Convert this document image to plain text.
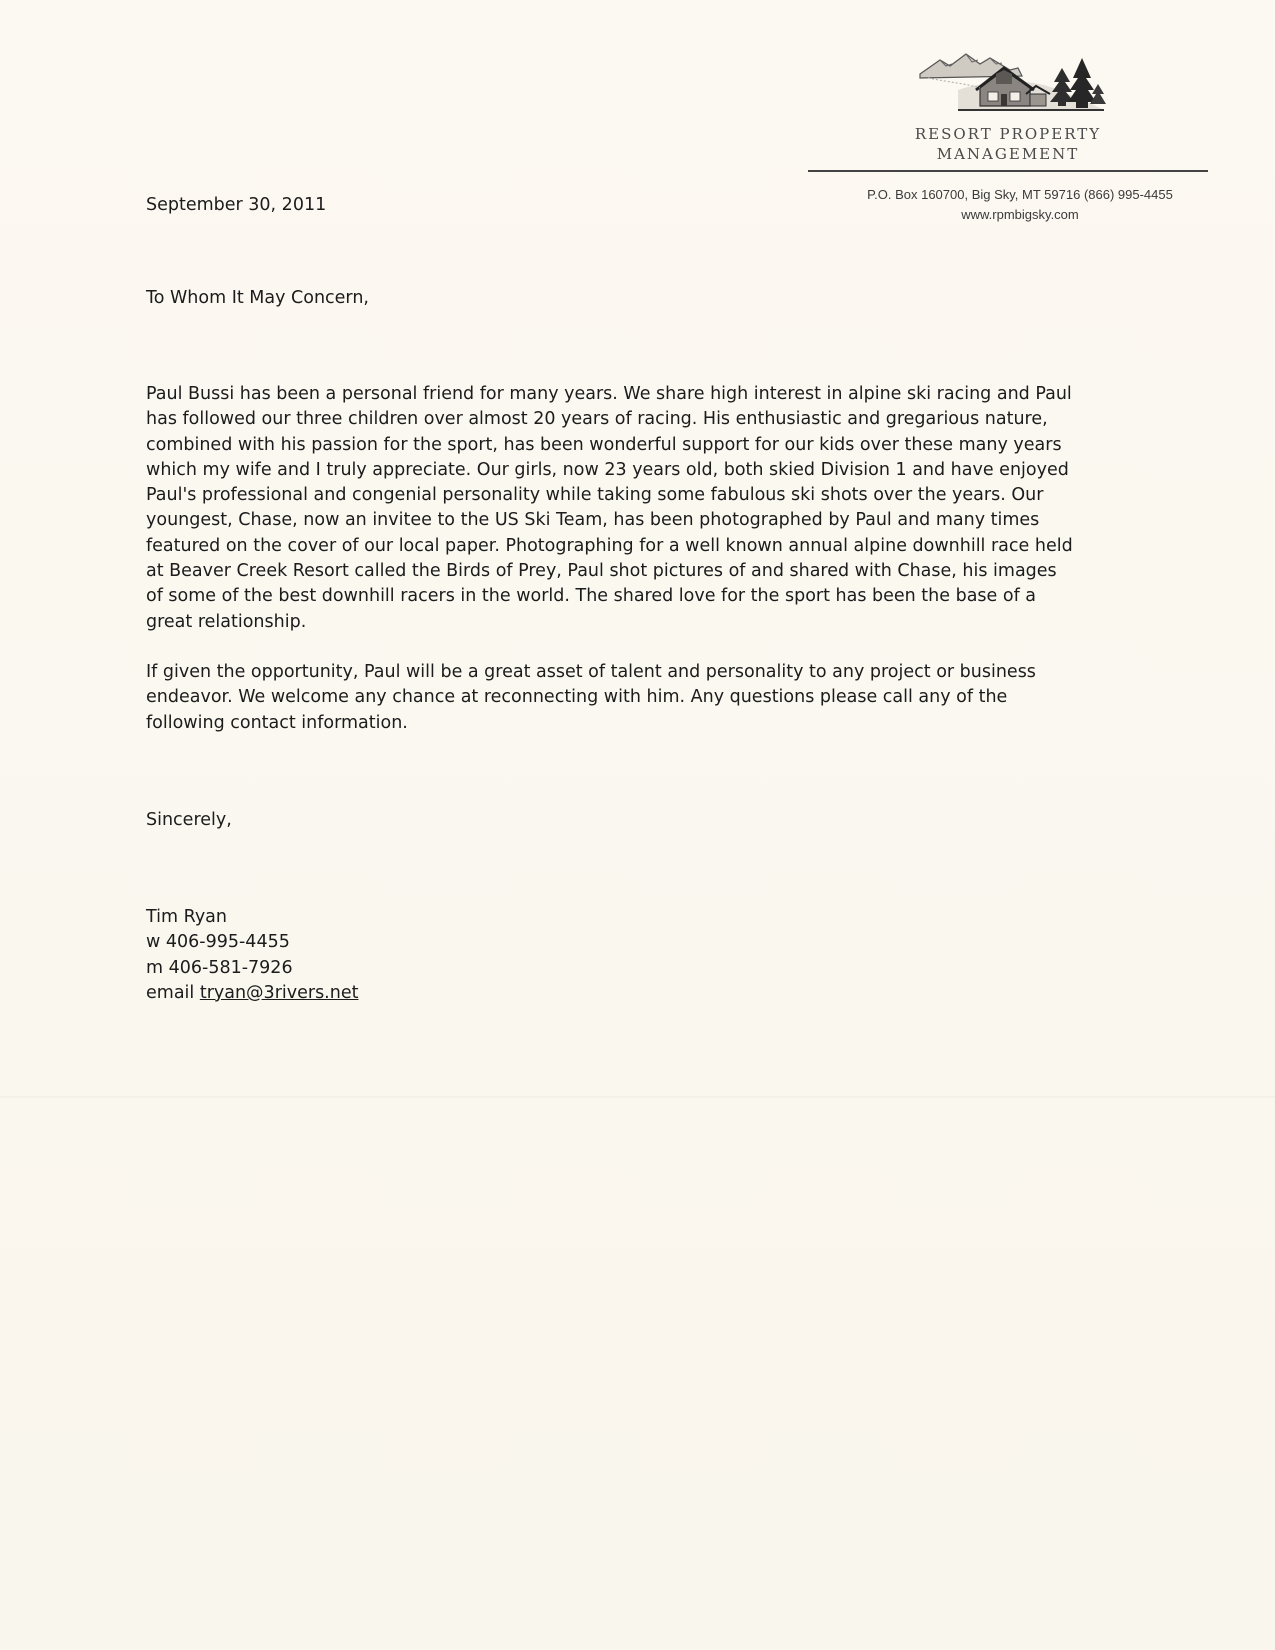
RESORT PROPERTY
MANAGEMENT
P.O. Box 160700, Big Sky, MT 59716 (866) 995-4455
www.rpmbigsky.com
September 30, 2011
To Whom It May Concern,
Paul Bussi has been a personal friend for many years. We share high interest in alpine ski racing and Paul
has followed our three children over almost 20 years of racing. His enthusiastic and gregarious nature,
combined with his passion for the sport, has been wonderful support for our kids over these many years
which my wife and I truly appreciate. Our girls, now 23 years old, both skied Division 1 and have enjoyed
Paul's professional and congenial personality while taking some fabulous ski shots over the years. Our
youngest, Chase, now an invitee to the US Ski Team, has been photographed by Paul and many times
featured on the cover of our local paper. Photographing for a well known annual alpine downhill race held
at Beaver Creek Resort called the Birds of Prey, Paul shot pictures of and shared with Chase, his images
of some of the best downhill racers in the world. The shared love for the sport has been the base of a
great relationship.
If given the opportunity, Paul will be a great asset of talent and personality to any project or business
endeavor. We welcome any chance at reconnecting with him. Any questions please call any of the
following contact information.
Sincerely,
Tim Ryan
w 406-995-4455
m 406-581-7926
email tryan@3rivers.net
